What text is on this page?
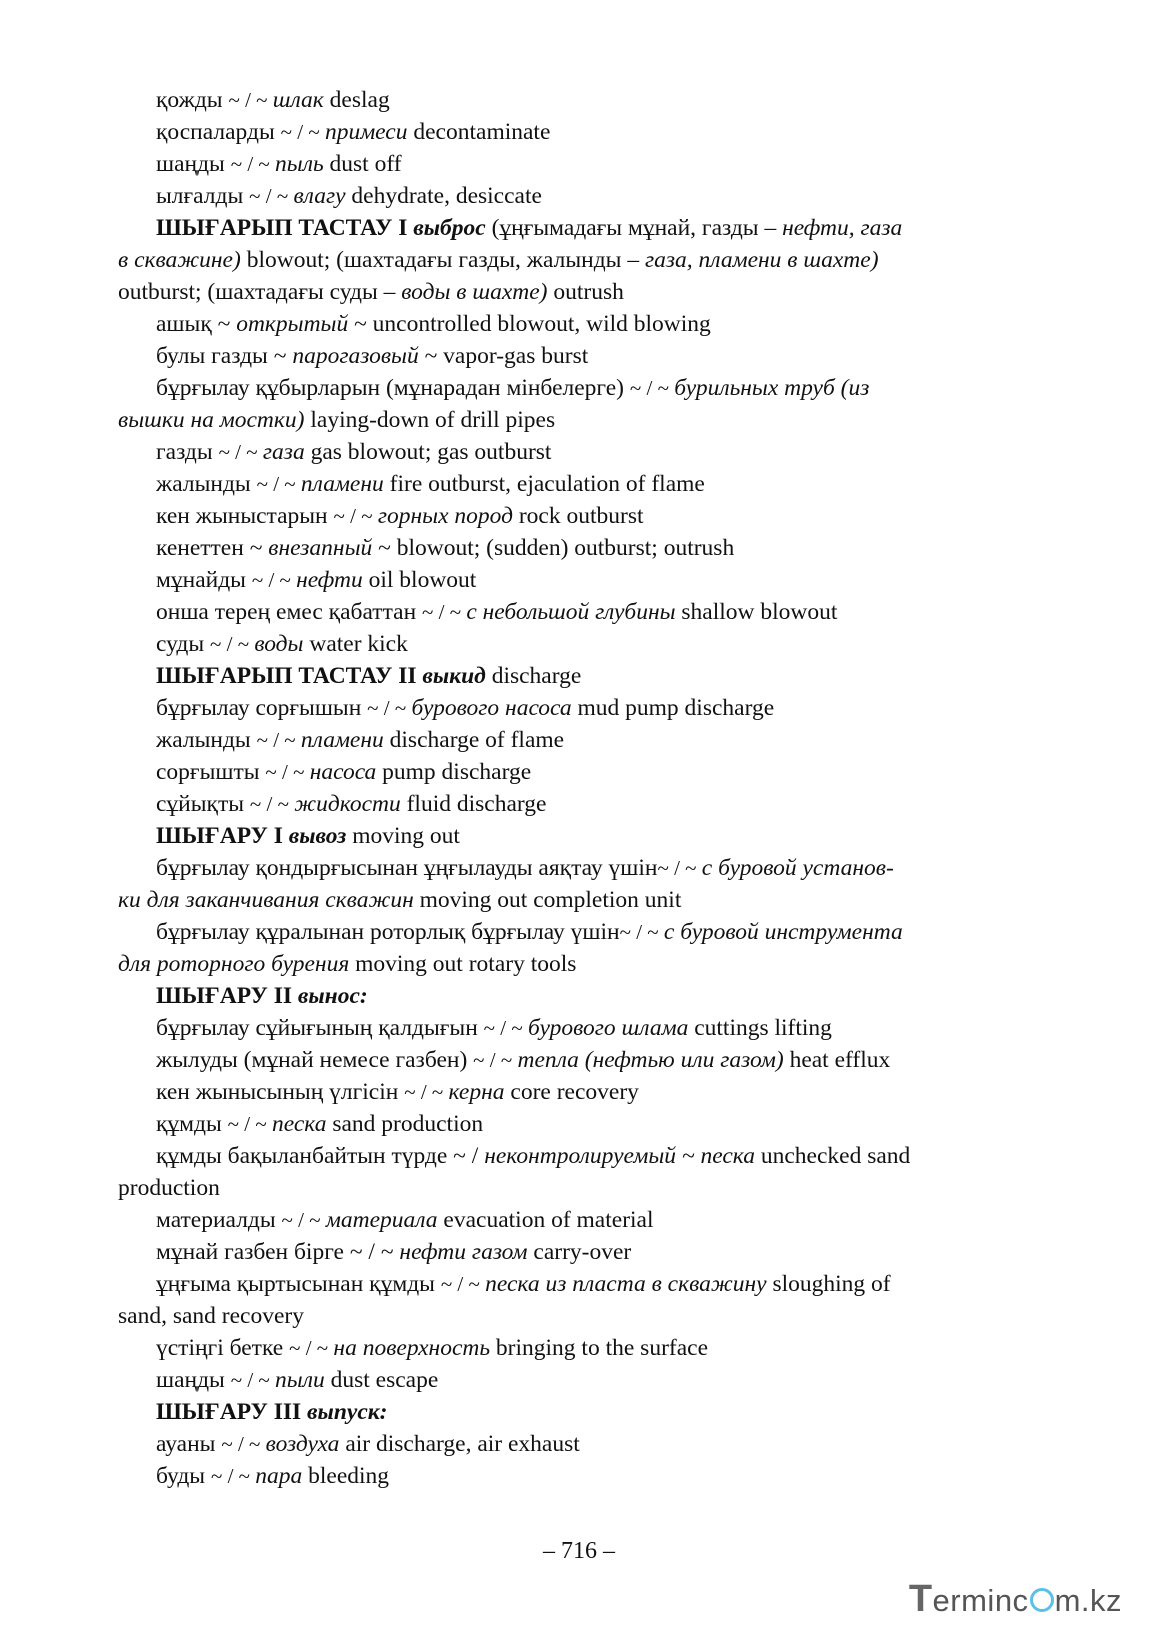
қожды ~ / ~ шлак deslag

қоспаларды ~ / ~ примеси decontaminate

шаңды ~ / ~ пыль dust off

ылғалды ~ / ~ влагу dehydrate, desiccate

ШЫҒАРЫП ТАСТАУ I выброс (ұңғымадағы мұнай, газды – нефти, газа

в скважине) blowout; (шахтадағы газды, жалынды – газа, пламени в шахте)

outburst; (шахтадағы суды – воды в шахте) outrush

ашық ~ открытый ~ uncontrolled blowout, wild blowing

булы газды ~ парогазовый ~ vapor-gas burst

бұрғылау құбырларын (мұнарадан мінбелерге) ~ / ~ бурильных труб (из

вышки на мостки) laying-down of drill pipes

газды ~ / ~ газа gas blowout; gas outburst

жалынды ~ / ~ пламени fire outburst, ejaculation of flame

кен жыныстарын ~ / ~ горных пород rock outburst

кенеттен ~ внезапный ~ blowout; (sudden) outburst; outrush

мұнайды ~ / ~ нефти oil blowout

онша терең емес қабаттан ~ / ~ с небольшой глубины shallow blowout

суды ~ / ~ воды water kick

ШЫҒАРЫП ТАСТАУ II выкид discharge

бұрғылау сорғышын ~ / ~ бурового насоса mud pump discharge

жалынды ~ / ~ пламени discharge of flame

сорғышты ~ / ~ насоса pump discharge

сұйықты ~ / ~ жидкости fluid discharge

ШЫҒАРУ I вывоз moving out

бұрғылау қондырғысынан ұңғылауды аяқтау үшін~ / ~ с буровой установ-

ки для заканчивания скважин moving out completion unit

бұрғылау құралынан роторлық бұрғылау үшін~ / ~ с буровой инструмента

для роторного бурения moving out rotary tools

ШЫҒАРУ II вынос:

бұрғылау сұйығының қалдығын ~ / ~ бурового шлама cuttings lifting

жылуды (мұнай немесе газбен) ~ / ~ тепла (нефтью или газом) heat efflux

кен жынысының үлгісін ~ / ~ керна core recovery

құмды ~ / ~ песка sand production

құмды бақыланбайтын түрде ~ / неконтролируемый ~ песка unchecked sand

production

материалды ~ / ~ материала evacuation of material

мұнай газбен бірге ~ / ~ нефти газом carry-over

ұңғыма қыртысынан құмды ~ / ~ песка из пласта в скважину sloughing of

sand, sand recovery

үстіңгі бетке ~ / ~ на поверхность bringing to the surface

шаңды ~ / ~ пыли dust escape

ШЫҒАРУ III выпуск:

ауаны ~ / ~ воздуха air discharge, air exhaust

буды ~ / ~ пара bleeding

– 716 –
Terminc m.kz
